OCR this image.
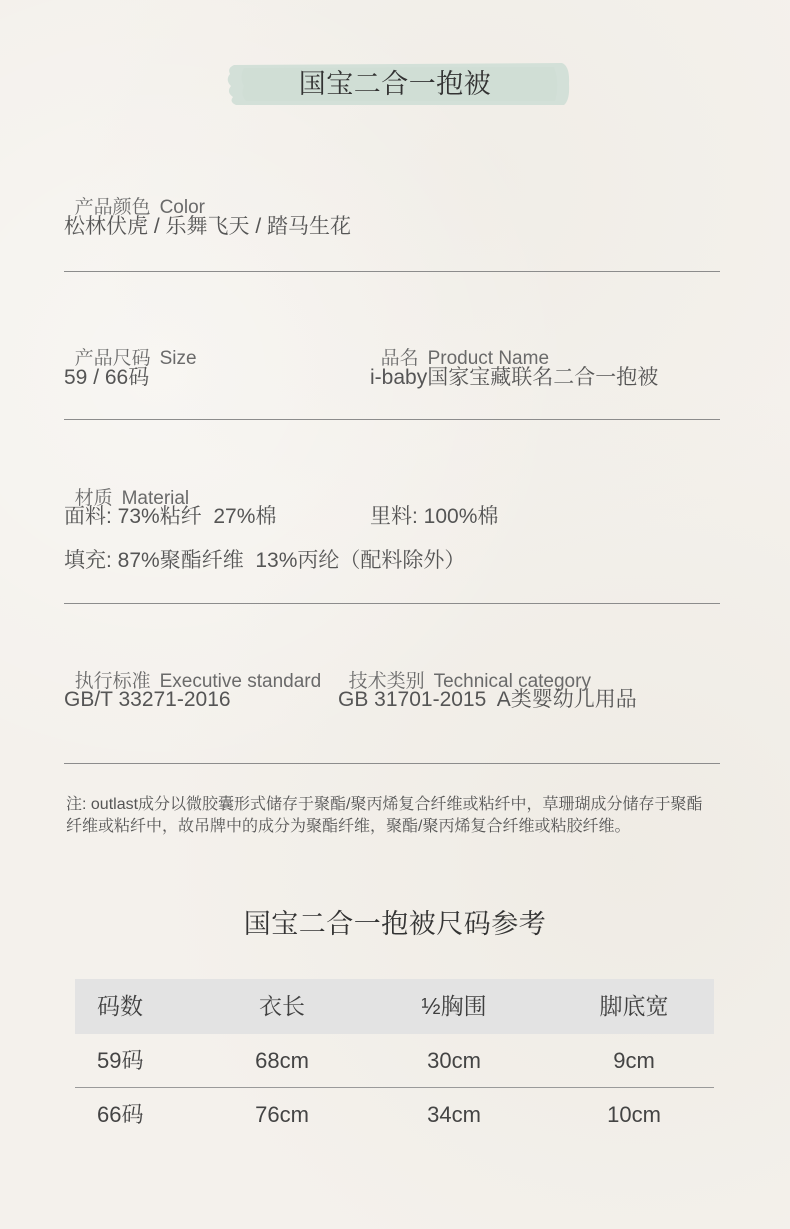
国宝二合一抱被

产品颜色 Color

松林伏虎 / 乐舞飞天 / 踏马生花

产品尺码 Size	品名 Product Name

59 / 66码	i-baby国家宝藏联名二合一抱被

材质 Material

面料: 73%粘纤  27%棉	里料: 100%棉
填充: 87%聚酯纤维  13%丙纶（配料除外）

执行标准 Executive standard	技术类别 Technical category

GB/T 33271-2016	GB 31701-2015  A类婴幼儿用品
注: outlast成分以微胶囊形式储存于聚酯/聚丙烯复合纤维或粘纤中，草珊瑚成分储存于聚酯
纤维或粘纤中，故吊牌中的成分为聚酯纤维，聚酯/聚丙烯复合纤维或粘胶纤维。
国宝二合一抱被尺码参考
码数	衣长	½胸围	脚底宽
59码	68cm	30cm	9cm
66码	76cm	34cm	10cm
